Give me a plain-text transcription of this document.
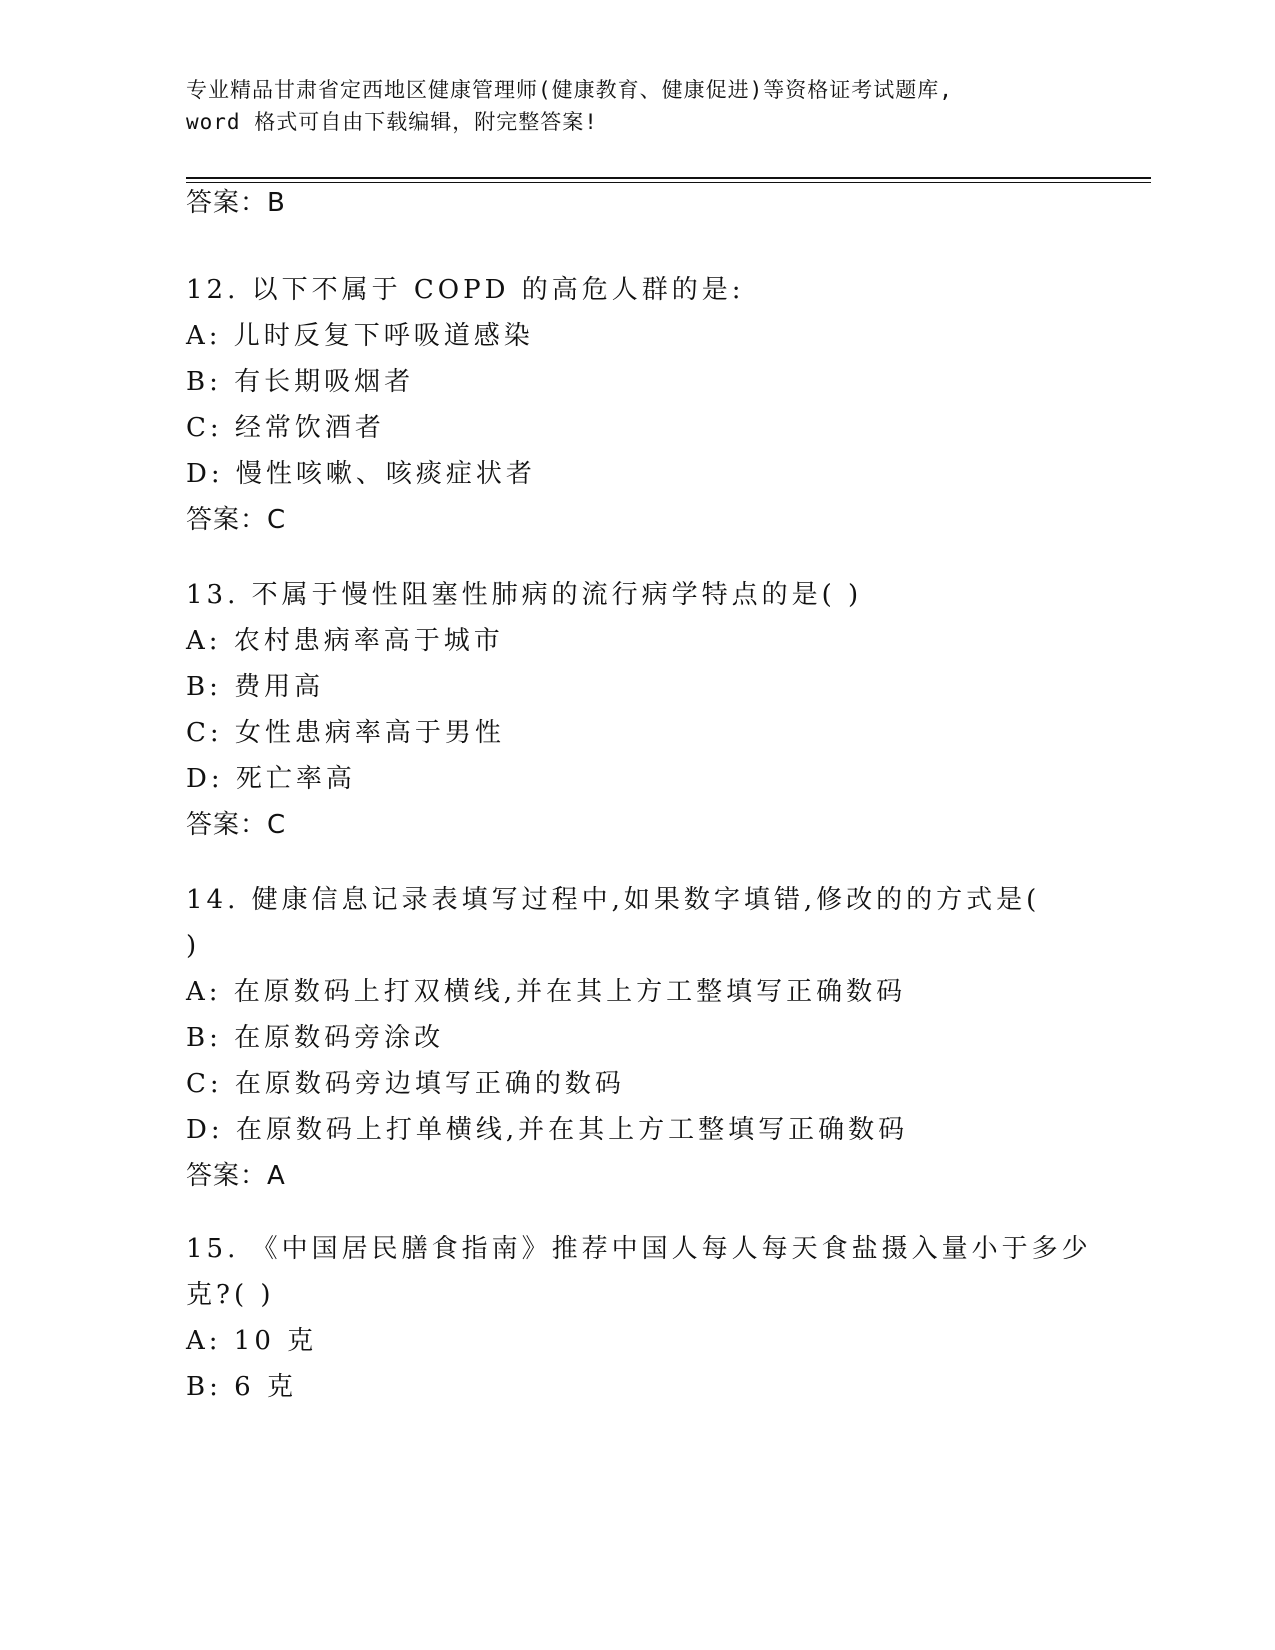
专业精品甘肃省定西地区健康管理师(健康教育、健康促进)等资格证考试题库,
word 格式可自由下载编辑，附完整答案!
答案：B
12. 以下不属于 COPD 的高危人群的是:
A: 儿时反复下呼吸道感染
B: 有长期吸烟者
C: 经常饮酒者
D: 慢性咳嗽、咳痰症状者
答案：C
13. 不属于慢性阻塞性肺病的流行病学特点的是( )
A: 农村患病率高于城市
B: 费用高
C: 女性患病率高于男性
D: 死亡率高
答案：C
14. 健康信息记录表填写过程中,如果数字填错,修改的的方式是(
)
A: 在原数码上打双横线,并在其上方工整填写正确数码
B: 在原数码旁涂改
C: 在原数码旁边填写正确的数码
D: 在原数码上打单横线,并在其上方工整填写正确数码
答案：A
15. 《中国居民膳食指南》推荐中国人每人每天食盐摄入量小于多少
克?( )
A: 10 克
B: 6 克
